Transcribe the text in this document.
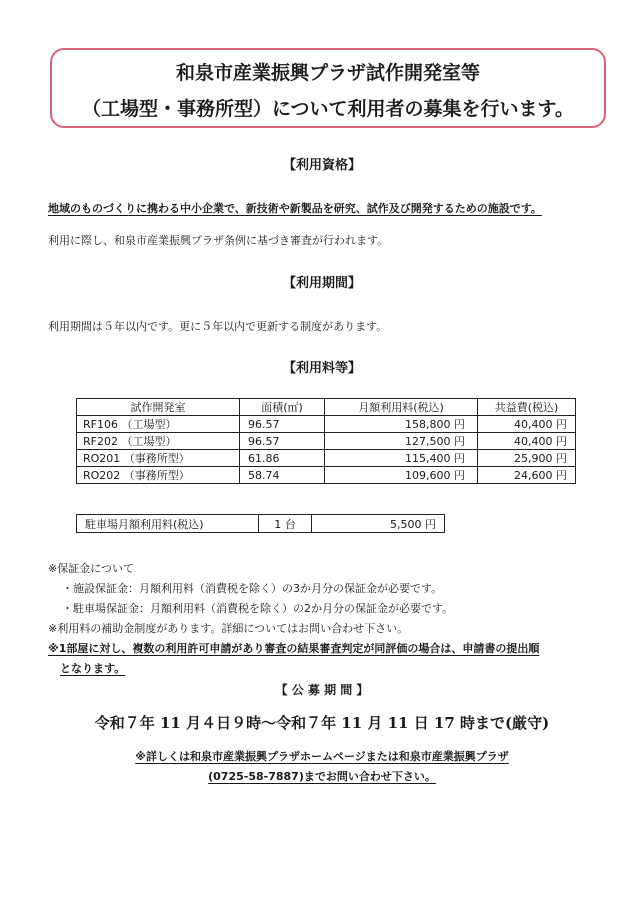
和泉市産業振興プラザ試作開発室等
（工場型・事務所型）について利用者の募集を行います。
【利用資格】
地域のものづくりに携わる中小企業で、新技術や新製品を研究、試作及び開発するための施設です。
利用に際し、和泉市産業振興プラザ条例に基づき審査が行われます。
【利用期間】
利用期間は５年以内です。更に５年以内で更新する制度があります。
【利用料等】
試作開発室	面積(㎡)	月額利用料(税込)	共益費(税込)
RF106 （工場型）	96.57	158,800 円	40,400 円
RF202 （工場型）	96.57	127,500 円	40,400 円
RO201 （事務所型）	61.86	115,400 円	25,900 円
RO202 （事務所型）	58.74	109,600 円	24,600 円
駐車場月額利用料(税込)	1 台	5,500 円
※保証金について
・施設保証金：月額利用料（消費税を除く）の3か月分の保証金が必要です。
・駐車場保証金：月額利用料（消費税を除く）の2か月分の保証金が必要です。
※利用料の補助金制度があります。詳細についてはお問い合わせ下さい。
※1部屋に対し、複数の利用許可申請があり審査の結果審査判定が同評価の場合は、申請書の提出順
となります。
【 公 募 期 間 】
令和７年 11 月４日９時～令和７年 11 月 11 日 17 時まで(厳守)
※詳しくは和泉市産業振興プラザホームページまたは和泉市産業振興プラザ
(0725-58-7887)までお問い合わせ下さい。
